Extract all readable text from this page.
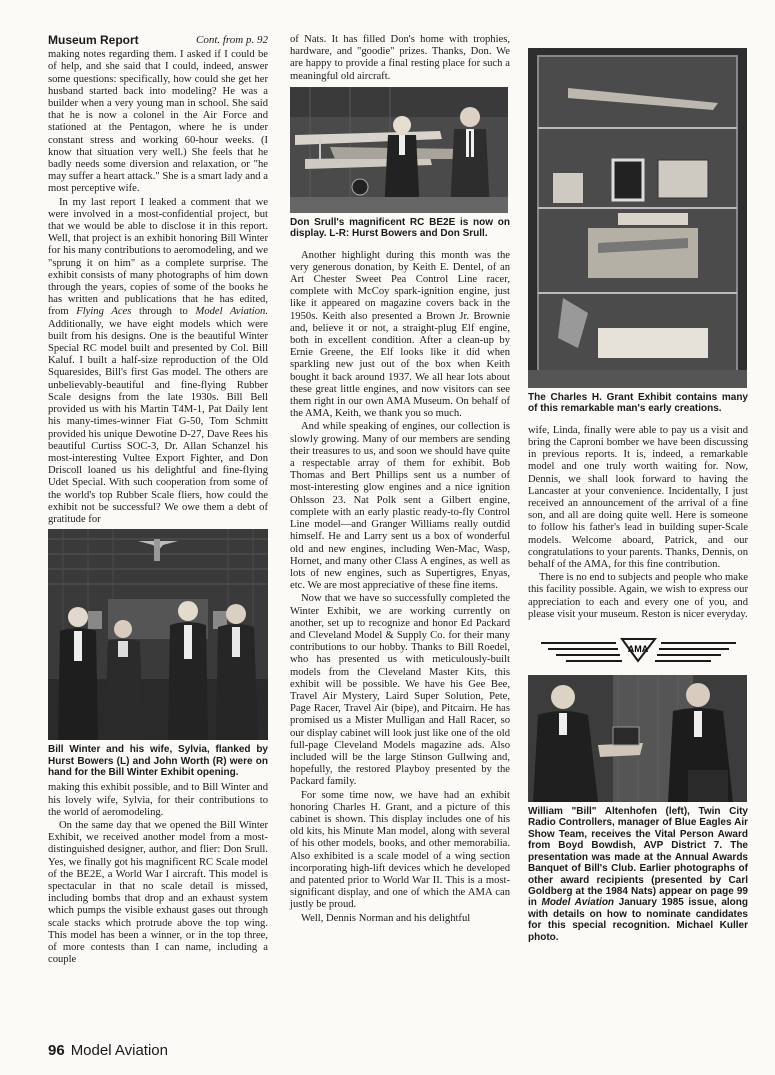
Museum Report	Cont. from p. 92

making notes regarding them. I asked if I could be of help, and she said that I could, indeed, answer some questions: specifically, how could she get her husband started back into modeling? He was a builder when a very young man in school. She said that he is now a colonel in the Air Force and stationed at the Pentagon, where he is under constant stress and working 60-hour weeks. (I know that situation very well.) She feels that he badly needs some diversion and relaxation, or "he may suffer a heart attack." She is a smart lady and a most perceptive wife.

In my last report I leaked a comment that we were involved in a most-confidential project, but that we would be able to disclose it in this report. Well, that project is an exhibit honoring Bill Winter for his many contributions to aeromodeling, and we "sprung it on him" as a complete surprise. The exhibit consists of many photographs of him down through the years, copies of some of the books he has written and publications that he has edited, from Flying Aces through to Model Aviation. Additionally, we have eight models which were built from his designs. One is the beautiful Winter Special RC model built and presented by Col. Bill Kaluf. I built a half-size reproduction of the Old Squaresides, Bill's first Gas model. The others are unbelievably-beautiful and fine-flying Rubber Scale designs from the late 1930s. Bill Bell provided us with his Martin T4M-1, Pat Daily lent his many-times-winner Fiat G-50, Tom Schmitt provided his unique Dewotine D-27, Dave Rees his beautiful Curtiss SOC-3, Dr. Allan Schanzel his most-interesting Vultee Export Fighter, and Don Driscoll loaned us his delightful and fine-flying Udet Special. With such cooperation from some of the world's top Rubber Scale fliers, how could the exhibit not be successful? We owe them a debt of gratitude for

Bill Winter and his wife, Sylvia, flanked by Hurst Bowers (L) and John Worth (R) were on hand for the Bill Winter Exhibit opening.

making this exhibit possible, and to Bill Winter and his lovely wife, Sylvia, for their contributions to the world of aeromodeling.

On the same day that we opened the Bill Winter Exhibit, we received another model from a most-distinguished designer, author, and flier: Don Srull. Yes, we finally got his magnificent RC Scale model of the BE2E, a World War I aircraft. This model is spectacular in that no scale detail is missed, including bombs that drop and an exhaust system which pumps the visible exhaust gases out through scale stacks which protrude above the top wing. This model has been a winner, or in the top three, of more contests than I can name, including a couple

of Nats. It has filled Don's home with trophies, hardware, and "goodie" prizes. Thanks, Don. We are happy to provide a final resting place for such a meaningful old aircraft.

Don Srull's magnificent RC BE2E is now on display. L-R: Hurst Bowers and Don Srull.

Another highlight during this month was the very generous donation, by Keith E. Dentel, of an Art Chester Sweet Pea Control Line racer, complete with McCoy spark-ignition engine, just like it appeared on magazine covers back in the 1950s. Keith also presented a Brown Jr. Brownie and, believe it or not, a straight-plug Elf engine, both in excellent condition. After a clean-up by Ernie Greene, the Elf looks like it did when sparkling new just out of the box when Keith bought it back around 1937. We all hear lots about these great little engines, and now visitors can see them right in our own AMA Museum. On behalf of the AMA, Keith, we thank you so much.

And while speaking of engines, our collection is slowly growing. Many of our members are sending their treasures to us, and soon we should have quite a respectable array of them for exhibit. Bob Thomas and Bert Phillips sent us a number of most-interesting glow engines and a nice ignition Ohlsson 23. Nat Polk sent a Gilbert engine, complete with an early plastic ready-to-fly Control Line model—and Granger Williams really outdid himself. He and Larry sent us a box of wonderful old and new engines, including Wen-Mac, Wasp, Hornet, and many other Class A engines, as well as lots of new engines, such as Supertigres, Enyas, etc. We are most appreciative of these fine items.

Now that we have so successfully completed the Winter Exhibit, we are working currently on another, set up to recognize and honor Ed Packard and Cleveland Model & Supply Co. for their many contributions to our hobby. Thanks to Bill Roedel, who has presented us with meticulously-built models from the Cleveland Master Kits, this exhibit will be possible. We have his Gee Bee, Travel Air Mystery, Laird Super Solution, Pete, Page Racer, Travel Air (bipe), and Pitcairn. He has promised us a Mister Mulligan and Hall Racer, so our display cabinet will look just like one of the old full-page Cleveland Models magazine ads. Also included will be the large Stinson Gullwing and, hopefully, the restored Playboy presented by the Packard family.

For some time now, we have had an exhibit honoring Charles H. Grant, and a picture of this cabinet is shown. This display includes one of his old kits, his Minute Man model, along with several of his other models, books, and other memorabilia. Also exhibited is a scale model of a wing section incorporating high-lift devices which he developed and patented prior to World War II. This is a most-significant display, and one of which the AMA can justly be proud.

Well, Dennis Norman and his delightful

The Charles H. Grant Exhibit contains many of this remarkable man's early creations.

wife, Linda, finally were able to pay us a visit and bring the Caproni bomber we have been discussing in previous reports. It is, indeed, a remarkable model and one truly worth waiting for. Now, Dennis, we shall look forward to having the Lancaster at your convenience. Incidentally, I just received an announcement of the arrival of a fine son, and all are doing quite well. Here is someone to follow his father's lead in building super-Scale models. Welcome aboard, Patrick, and our congratulations to your parents. Thanks, Dennis, on behalf of the AMA, for this fine contribution.

There is no end to subjects and people who make this facility possible. Again, we wish to express our appreciation to each and every one of you, and please visit your museum. Reston is nicer everyday.

AMA
William "Bill" Altenhofen (left), Twin City Radio Controllers, manager of Blue Eagles Air Show Team, receives the Vital Person Award from Boyd Bowdish, AVP District 7. The presentation was made at the Annual Awards Banquet of Bill's Club. Earlier photographs of other award recipients (presented by Carl Goldberg at the 1984 Nats) appear on page 99 in Model Aviation January 1985 issue, along with details on how to nominate candidates for this special recognition. Michael Kuller photo.
96 Model Aviation
